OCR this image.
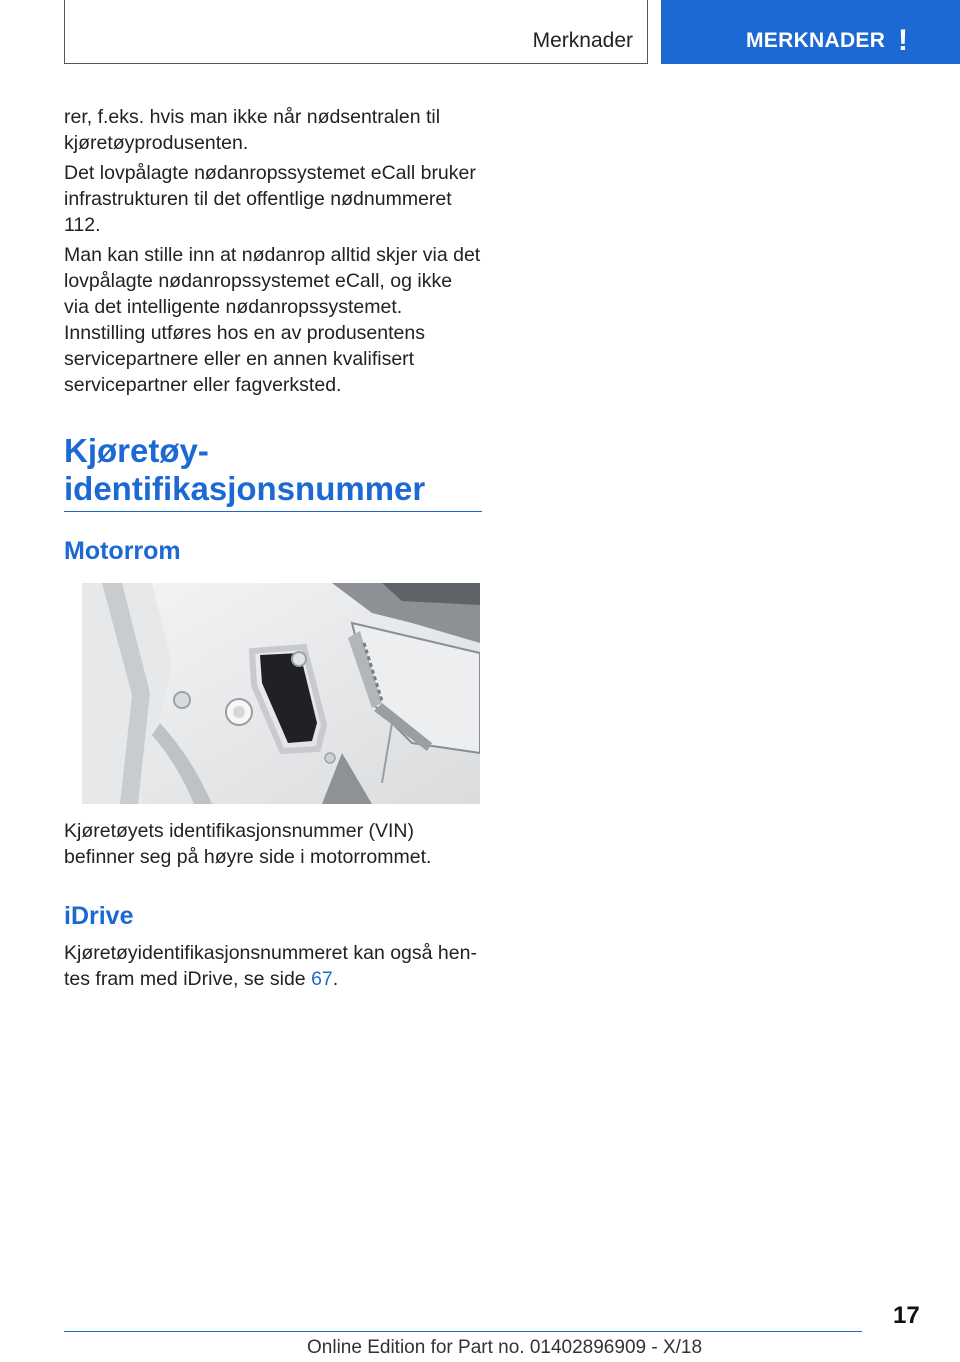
Merknader	MERKNADER !

rer, f.eks. hvis man ikke når nødsentralen til kjøretøyprodusenten.

Det lovpålagte nødanropssystemet eCall bruker infrastrukturen til det offentlige nødnummeret 112.

Man kan stille inn at nødanrop alltid skjer via det lovpålagte nødanropssystemet eCall, og ikke via det intelligente nødanropssystemet. Innstilling utføres hos en av produsentens servicepartnere eller en annen kvalifisert servicepartner eller fagverksted.

Kjøretøyidentifikasjonsnummer
Motorrom

Kjøretøyets identifikasjonsnummer (VIN) befinner seg på høyre side i motorrommet.

iDrive

Kjøretøyidentifikasjonsnummeret kan også hentes fram med iDrive, se side 67.

17
Online Edition for Part no. 01402896909 - X/18
